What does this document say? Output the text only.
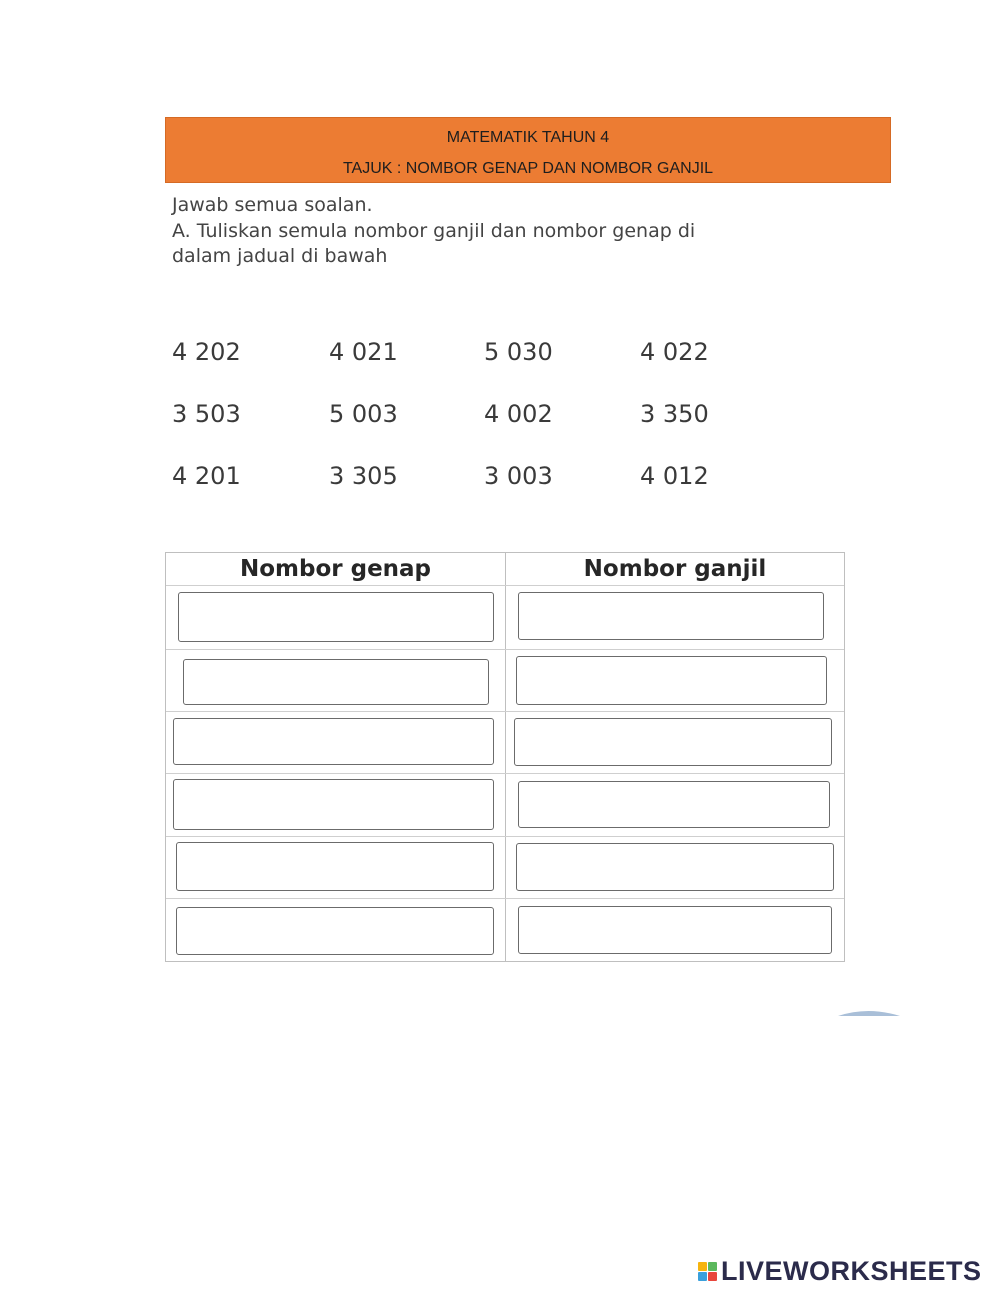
MATEMATIK TAHUN 4
TAJUK : NOMBOR GENAP DAN NOMBOR GANJIL
Jawab semua soalan.
A. Tuliskan semula nombor ganjil dan nombor genap di
dalam jadual di bawah
4 202	4 021	5 030	4 022
3 503	5 003	4 002	3 350
4 201	3 305	3 003	4 012
Nombor genap	Nombor ganjil
LIVEWORKSHEETS
